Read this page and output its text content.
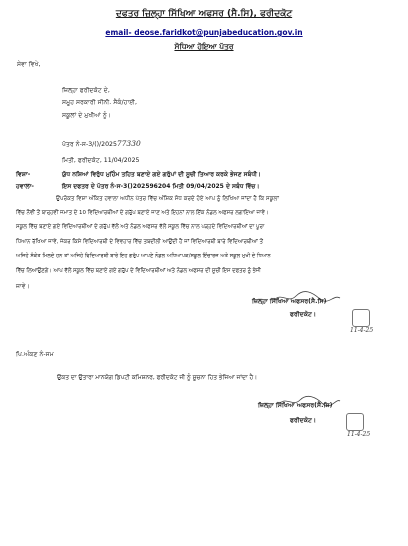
ਦਫਤਰ ਜ਼ਿਲ੍ਹਾ ਸਿੱਖਿਆ ਅਫਸਰ (ਸੈ.ਸਿ), ਫਰੀਦਕੋਟ
email- deose.faridkot@punjabeducation.gov.in
ਸੋਧਿਆ ਹੋਇਆ ਪੱਤਰ
ਸੇਵਾ ਵਿਖੇ,
ਜ਼ਿਲ੍ਹਾ ਫਰੀਦਕੋਟ ਦੇ,
ਸਮੂਹ ਸਰਕਾਰੀ ਸੀਨੀ. ਸੈਕੰ/ਹਾਈ,
ਸਕੂਲਾਂ ਦੇ ਮੁਖੀਆਂ ਨੂੰ।
ਪੱਤਰ ਨੰ-ਸ-3/()/202577330
ਮਿਤੀ, ਫਰੀਦਕੋਟ, 11/04/2025
ਵਿਸ਼ਾ-	ਯੁੱਧ ਨਸ਼ਿਆਂ ਵਿਰੁੱਧ ਮੁਹਿੰਮ ਤਹਿਤ ਬਣਾਏ ਗਏ ਗਰੁੱਪਾਂ ਦੀ ਸੂਚੀ ਤਿਆਰ ਕਰਕੇ ਭੇਜਣ ਸਬੰਧੀ।
ਹਵਾਲਾ-	ਇਸ ਦਫਤਰ ਦੇ ਪੱਤਰ ਨੰ-ਸ-3()202596204 ਮਿਤੀ 09/04/2025 ਦੇ ਸਬੰਧ ਵਿੱਚ।
ਉਪਰੋਕਤ ਵਿਸ਼ਾ ਅੰਕਿਤ ਹਵਾਲਾ ਅਧੀਨ ਪੱਤਰ ਵਿੱਚ ਅੰਸ਼ਿਕ ਸੋਧ ਕਰਦੇ ਹੋਏ ਆਪ ਨੂੰ ਲਿਖਿਆ ਜਾਂਦਾ ਹੈ ਕਿ ਸਕੂਲਾਂ
ਵਿੱਚ ਨੌਵੀਂ ਤੋਂ ਬਾਰ੍ਹਵੀਂ ਜਮਾਤ ਦੇ 10 ਵਿਦਿਆਰਥੀਆਂ ਦੇ ਗਰੁੱਪ ਬਣਾਏ ਜਾਣ ਅਤੇ ਇਹਨਾਂ ਨਾਲ ਇੱਕ ਨੋਡਲ ਅਫਸਰ ਲਗਾਇਆ ਜਾਵੇ।
ਸਕੂਲ ਵਿੱਚ ਬਣਾਏ ਗਏ ਵਿਦਿਆਰਥੀਆਂ ਦੇ ਗਰੁੱਪ ਵੱਲੋਂ ਅਤੇ ਨੋਡਲ ਅਫਸਰ ਵੱਲੋਂ ਸਕੂਲ ਵਿੱਚ ਨਾਲ ਪੜ੍ਹਦੇ ਵਿਦਿਆਰਥੀਆਂ ਦਾ ਪੂਰਾ
ਧਿਆਨ ਰੱਖਿਆ ਜਾਵੇ, ਜੇਕਰ ਕਿਸੇ ਵਿਦਿਆਰਥੀ ਦੇ ਵਿਵਹਾਰ ਵਿੱਚ ਤਬਦੀਲੀ ਆਉਂਦੀ ਹੈ ਜਾਂ ਵਿਦਿਆਰਥੀ ਬਾਰੇ ਵਿਦਿਆਰਥੀਆਂ ਤੋਂ
ਅਜਿਹੇ ਸੰਕੇਤ ਮਿਲਦੇ ਹਨ ਤਾਂ ਅਜਿਹੇ ਵਿਦਿਆਰਥੀ ਬਾਰੇ ਇਹ ਗਰੁੱਪ ਆਪਣੇ ਨੋਡਲ ਅਧਿਆਪਕ/ਸਕੂਲ ਇੰਚਾਰਜ ਅਤੇ ਸਕੂਲ ਮੁਖੀ ਦੇ ਧਿਆਨ
ਵਿੱਚ ਲਿਆਉਣਗੇ। ਆਪ ਵੱਲੋਂ ਸਕੂਲ ਵਿੱਚ ਬਣਾਏ ਗਏ ਗਰੁੱਪ ਦੇ ਵਿਦਿਆਰਥੀਆਂ ਅਤੇ ਨੋਡਲ ਅਫਸਰ ਦੀ ਸੂਚੀ ਇਸ ਦਫਤਰ ਨੂੰ ਭੇਜੀ
ਜਾਵੇ।
ਜ਼ਿਲ੍ਹਾ ਸਿੱਖਿਆ ਅਫਸਰ(ਸੈ.ਸਿ)
ਫਰੀਦਕੋਟ।
11-4-25
ਪਿ.ਅੰਕਣ ਨੰ-ਸਮ
ਉਕਤ ਦਾ ਉਤਾਰਾ ਮਾਨਯੋਗ ਡਿਪਟੀ ਕਮਿਸ਼ਨਰ, ਫਰੀਦਕੋਟ ਜੀ ਨੂੰ ਸੂਚਨਾ ਹਿਤ ਭੇਜਿਆ ਜਾਂਦਾ ਹੈ।
ਜ਼ਿਲ੍ਹਾ ਸਿੱਖਿਆ ਅਫਸਰ(ਸੈ.ਸਿ)
ਫਰੀਦਕੋਟ।
11-4-25
